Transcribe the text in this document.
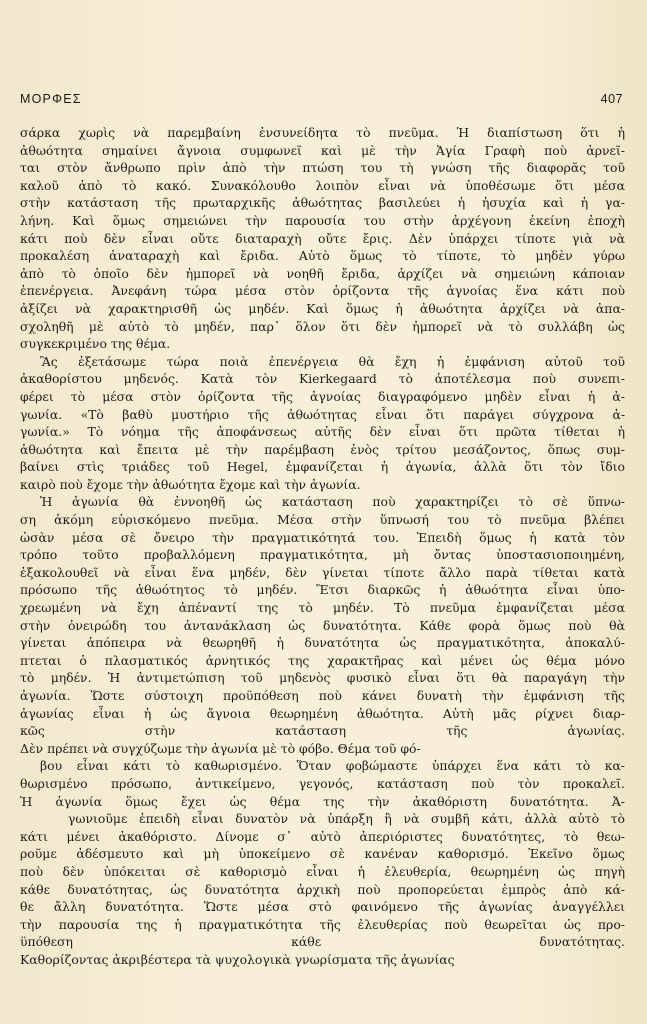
ΜΟΡΦΕΣ	407
σάρκα χωρὶς νὰ παρεμβαίνη ἐνσυνείδητα τὸ πνεῦμα. Ἡ διαπίστωση ὅτι ἡ
ἀθωότητα σημαίνει ἄγνοια συμφωνεῖ καὶ μὲ τὴν Ἁγία Γραφὴ ποὺ ἀρνεῖ-
ται στὸν ἄνθρωπο πρὶν ἀπὸ τὴν πτώση του τὴ γνώση τῆς διαφορᾶς τοῦ
καλοῦ ἀπὸ τὸ κακό. Συνακόλουθο λοιπὸν εἶναι νὰ ὑποθέσωμε ὅτι μέσα
στὴν κατάσταση τῆς πρωταρχικῆς ἀθωότητας βασιλεύει ἡ ἡσυχία καὶ ἡ γα-
λήνη. Καὶ ὅμως σημειώνει τὴν παρουσία του στὴν ἀρχέγονη ἐκείνη ἐποχὴ
κάτι ποὺ δὲν εἶναι οὔτε διαταραχὴ οὔτε ἔρις. Δὲν ὑπάρχει τίποτε γιὰ νὰ
προκαλέση ἀναταραχὴ καὶ ἔριδα. Αὐτὸ ὅμως τὸ τίποτε, τὸ μηδὲν γύρω
ἀπὸ τὸ ὁποῖο δὲν ἠμπορεῖ νὰ νοηθῆ ἔριδα, ἀρχίζει νὰ σημειώνη κάποιαν
ἐπενέργεια. Ἀνεφάνη τώρα μέσα στὸν ὁρίζοντα τῆς ἀγνοίας ἕνα κάτι ποὺ
ἀξίζει νὰ χαρακτηρισθῆ ὡς μηδέν. Καὶ ὅμως ἡ ἀθωότητα ἀρχίζει νὰ ἀπα-
σχοληθῆ μὲ αὐτὸ τὸ μηδέν, παρ᾽ ὅλον ὅτι δὲν ἠμπορεῖ νὰ τὸ συλλάβη ὡς
συγκεκριμένο της θέμα.
Ἂς ἐξετάσωμε τώρα ποιὰ ἐπενέργεια θὰ ἔχη ἡ ἐμφάνιση αὐτοῦ τοῦ
ἀκαθορίστου μηδενός. Κατὰ τὸν Kierkegaard τὸ ἀποτέλεσμα ποὺ συνεπι-
φέρει τὸ μέσα στὸν ὁρίζοντα τῆς ἀγνοίας διαγραφόμενο μηδὲν εἶναι ἡ ἀ-
γωνία. «Τὸ βαθὺ μυστήριο τῆς ἀθωότητας εἶναι ὅτι παράγει σύγχρονα ἀ-
γωνία.» Τὸ νόημα τῆς ἀποφάνσεως αὐτῆς δὲν εἶναι ὅτι πρῶτα τίθεται ἡ
ἀθωότητα καὶ ἔπειτα μὲ τὴν παρέμβαση ἑνὸς τρίτου μεσάζοντος, ὅπως συμ-
βαίνει στὶς τριάδες τοῦ Hegel, ἐμφανίζεται ἡ ἀγωνία, ἀλλὰ ὅτι τὸν ἴδιο
καιρὸ ποὺ ἔχομε τὴν ἀθωότητα ἔχομε καὶ τὴν ἀγωνία.
Ἡ ἀγωνία θὰ ἐννοηθῆ ὡς κατάσταση ποὺ χαρακτηρίζει τὸ σὲ ὕπνω-
ση ἀκόμη εὑρισκόμενο πνεῦμα. Μέσα στὴν ὕπνωσή του τὸ πνεῦμα βλέπει
ὡσὰν μέσα σὲ ὄνειρο τὴν πραγματικότητά του. Ἐπειδὴ ὅμως ἡ κατὰ τὸν
τρόπο τοῦτο προβαλλόμενη πραγματικότητα, μὴ ὄντας ὑποστασιοποιημένη,
ἐξακολουθεῖ νὰ εἶναι ἕνα μηδέν, δὲν γίνεται τίποτε ἄλλο παρὰ τίθεται κατὰ
πρόσωπο τῆς ἀθωότητος τὸ μηδέν. Ἔτσι διαρκῶς ἡ ἀθωότητα εἶναι ὑπο-
χρεωμένη νὰ ἔχη ἀπέναντί της τὸ μηδέν. Τὸ πνεῦμα ἐμφανίζεται μέσα
στὴν ὀνειρώδη του ἀντανάκλαση ὡς δυνατότητα. Κάθε φορὰ ὅμως ποὺ θὰ
γίνεται ἀπόπειρα νὰ θεωρηθῆ ἡ δυνατότητα ὡς πραγματικότητα, ἀποκαλύ-
πτεται ὁ πλασματικός ἀρνητικός της χαρακτῆρας καὶ μένει ὡς θέμα μόνο
τὸ μηδέν. Ἡ ἀντιμετώπιση τοῦ μηδενὸς φυσικὸ εἶναι ὅτι θὰ παραγάγη τὴν
ἀγωνία. Ὥστε σύστοιχη προϋπόθεση ποὺ κάνει δυνατὴ τὴν ἐμφάνιση τῆς
ἀγωνίας εἶναι ἡ ὡς ἄγνοια θεωρημένη ἀθωότητα. Αὐτὴ μᾶς ρίχνει διαρ-
κῶς στὴν κατάσταση τῆς ἀγωνίας.
Δὲν πρέπει νὰ συγχύζωμε τὴν ἀγωνία μὲ τὸ φόβο. Θέμα τοῦ φό-
βου εἶναι κάτι τὸ καθωρισμένο. Ὅταν φοβώμαστε ὑπάρχει ἕνα κάτι τὸ κα-
θωρισμένο πρόσωπο, ἀντικείμενο, γεγονός, κατάσταση ποὺ τὸν προκαλεῖ.
Ἡ ἀγωνία ὅμως ἔχει ὡς θέμα της τὴν ἀκαθόριστη δυνατότητα. Ἀ-
γωνιοῦμε ἐπειδὴ εἶναι δυνατὸν νὰ ὑπάρξη ἢ νὰ συμβῆ κάτι, ἀλλὰ αὐτὸ τὸ
κάτι μένει ἀκαθόριστο. Δίνομε σ᾽ αὐτὸ ἀπεριόριστες δυνατότητες, τὸ θεω-
ροῦμε ἀδέσμευτο καὶ μὴ ὑποκείμενο σὲ κανέναν καθορισμό. Ἐκεῖνο ὅμως
ποὺ δὲν ὑπόκειται σὲ καθορισμὸ εἶναι ἡ ἐλευθερία, θεωρημένη ὡς πηγὴ
κάθε δυνατότητας, ὡς δυνατότητα ἀρχικὴ ποὺ προπορεύεται ἐμπρὸς ἀπὸ κά-
θε ἄλλη δυνατότητα. Ὥστε μέσα στὸ φαινόμενο τῆς ἀγωνίας ἀναγγέλλει
τὴν παρουσία της ἡ πραγματικότητα τῆς ἐλευθερίας ποὺ θεωρεῖται ὡς προ-
ϋπόθεση κάθε δυνατότητας.
Καθορίζοντας ἀκριβέστερα τὰ ψυχολογικὰ γνωρίσματα τῆς ἀγωνίας
